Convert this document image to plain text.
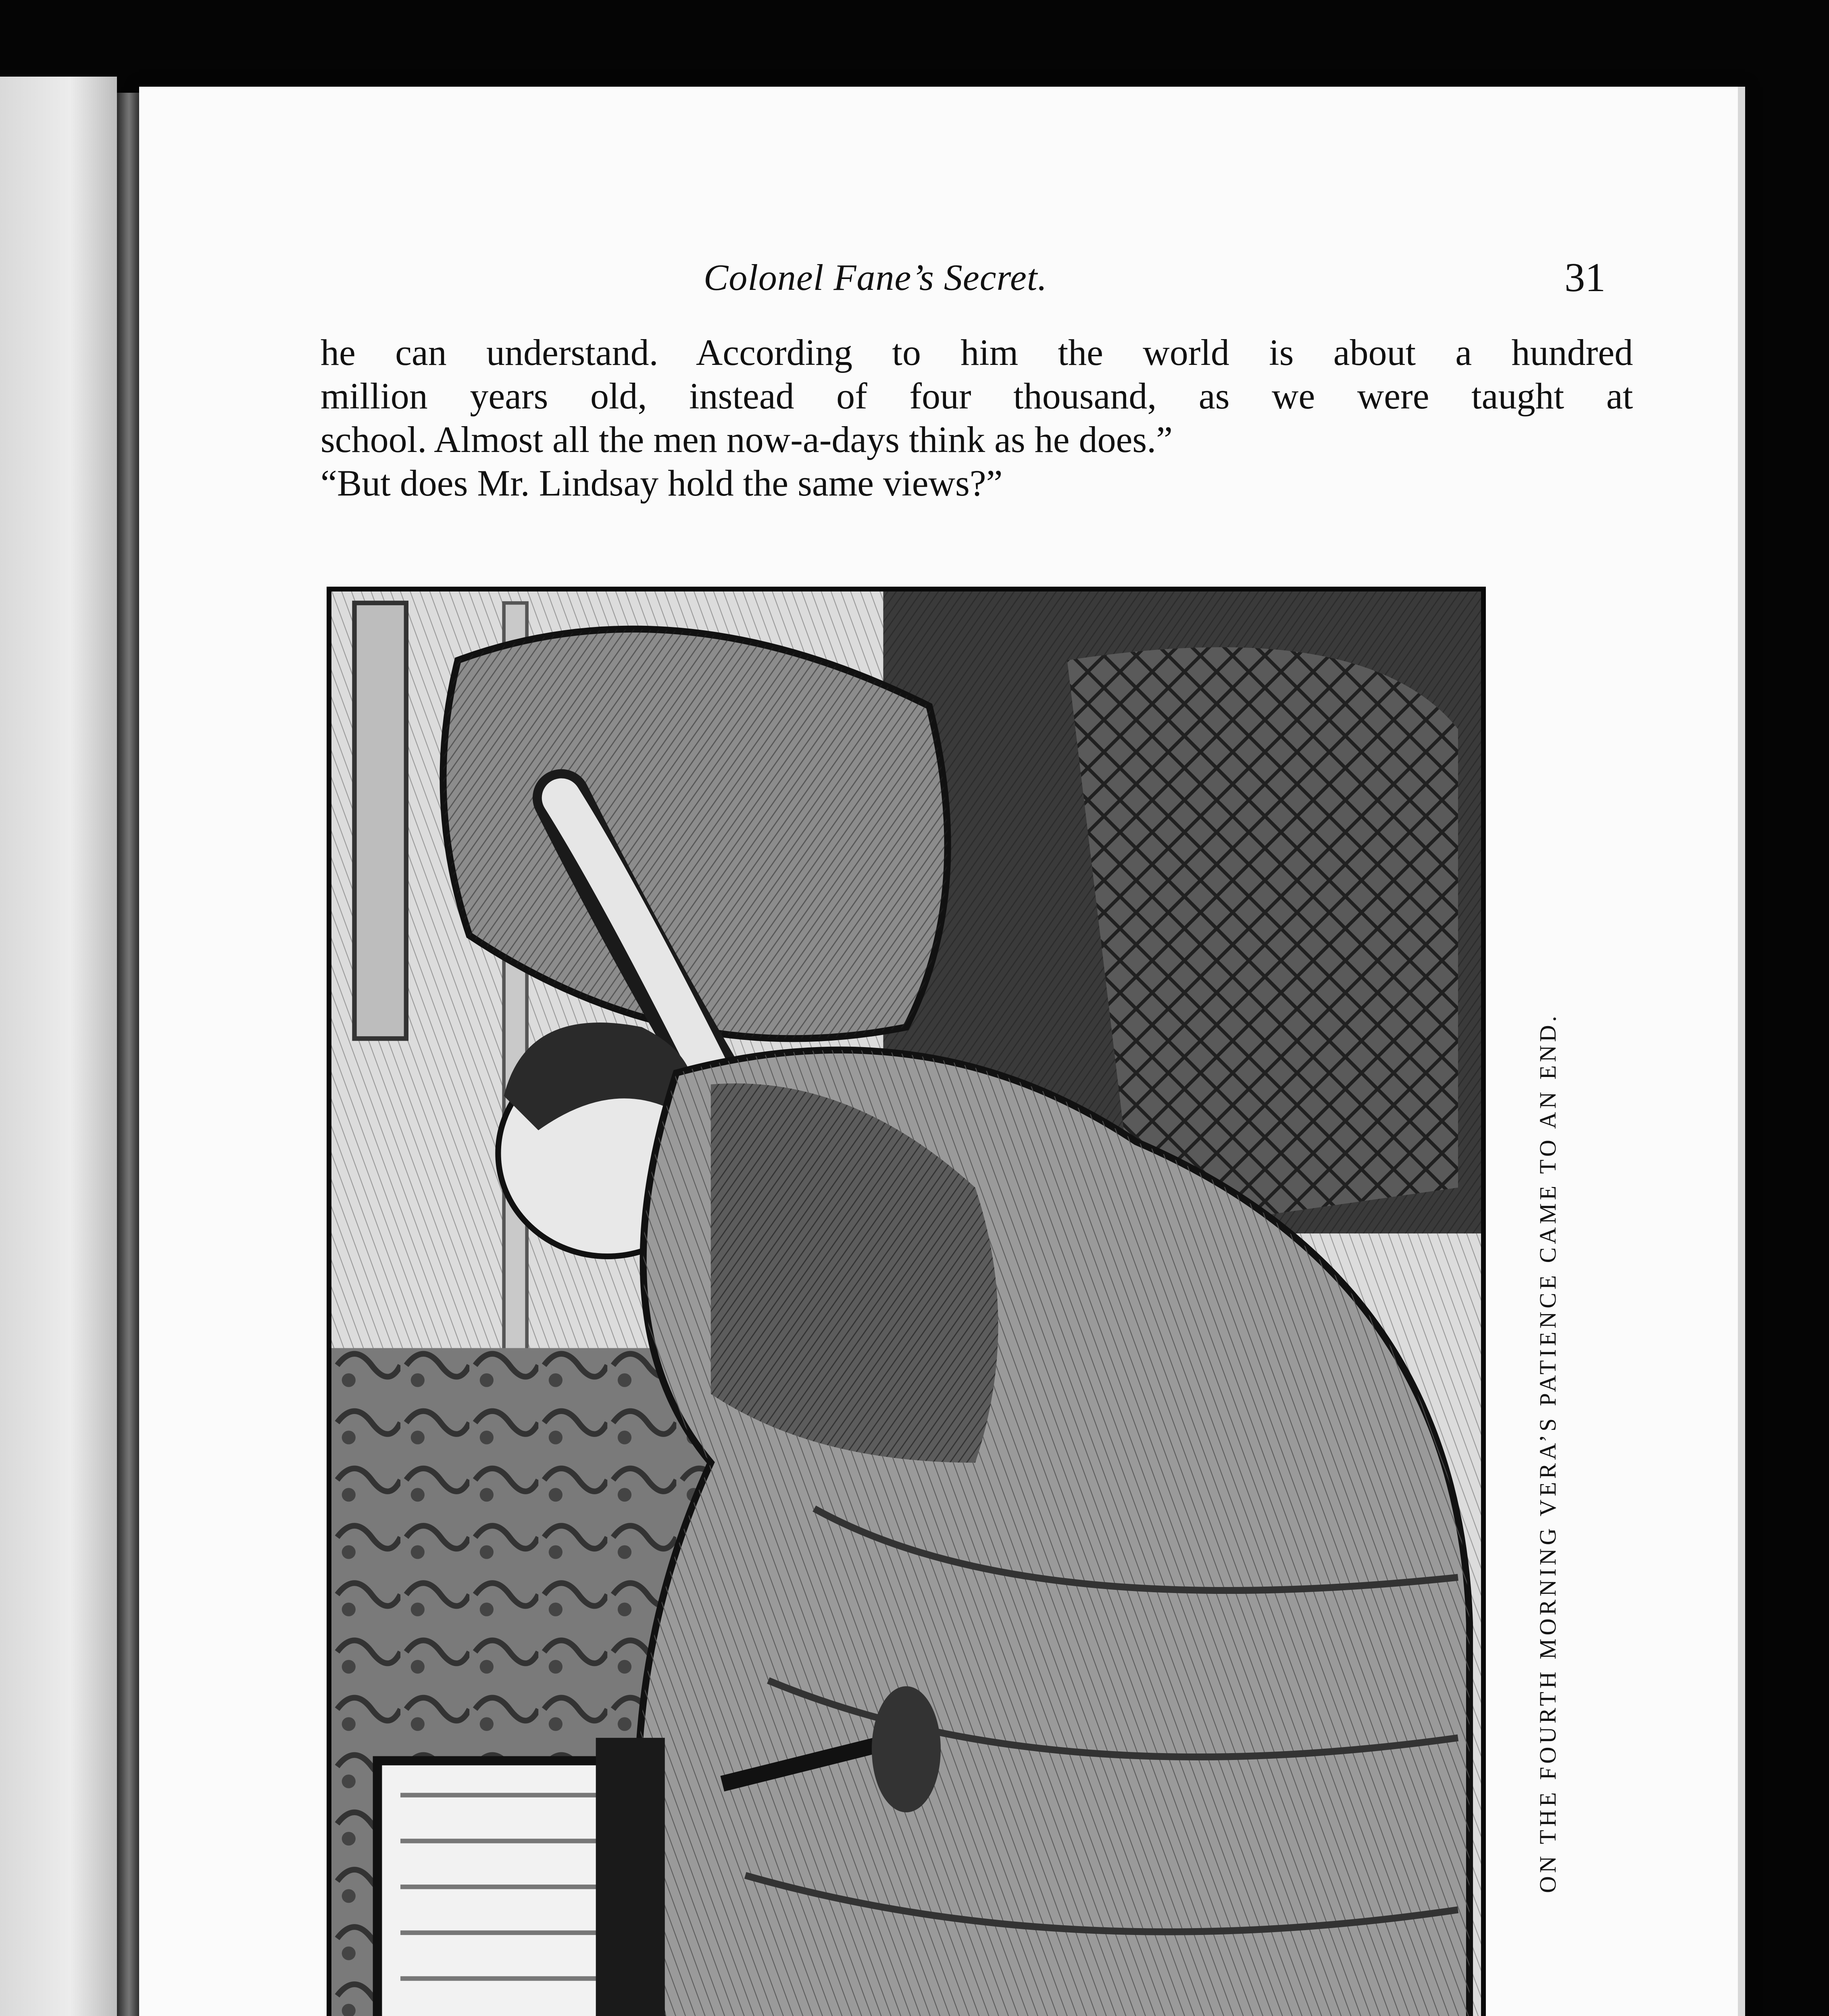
Colonel Fane’s Secret.	31
he can understand. According to him the world is about a hundred
million years old, instead of four thousand, as we were taught at
school. Almost all the men now-a-days think as he does.”
“But does Mr. Lindsay hold the same views?”
ON THE FOURTH MORNING VERA’S PATIENCE CAME TO AN END.
